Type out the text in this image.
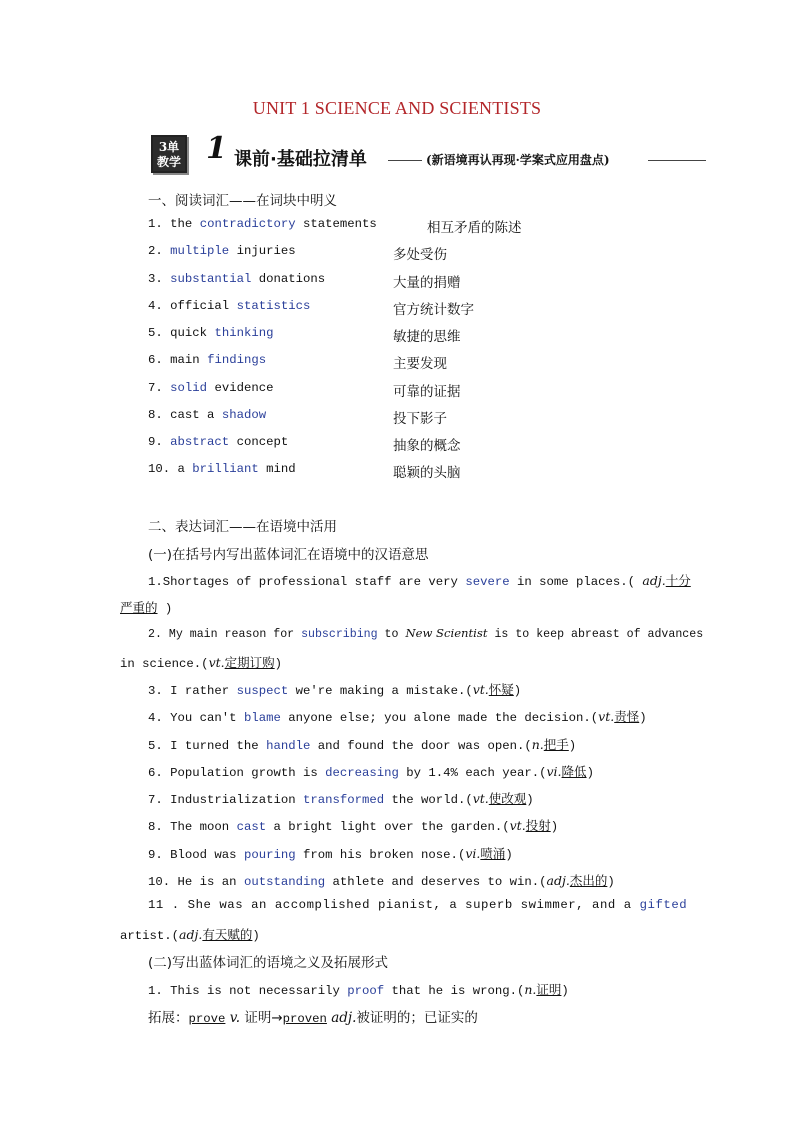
UNIT 1 SCIENCE AND SCIENTISTS
3单
教学 1 课前·基础拉清单	(新语境再认再现·学案式应用盘点)
一、阅读词汇——在词块中明义
1. the contradictory statements	相互矛盾的陈述
2. multiple injuries	多处受伤
3. substantial donations	大量的捐赠
4. official statistics	官方统计数字
5. quick thinking	敏捷的思维
6. main findings	主要发现
7. solid evidence	可靠的证据
8. cast a shadow	投下影子
9. abstract concept	抽象的概念
10. a brilliant mind	聪颖的头脑
二、表达词汇——在语境中活用
(一)在括号内写出蓝体词汇在语境中的汉语意思
1.Shortages of professional staff are very severe in some places.( adj.十分
严重的 )
2. My main reason for subscribing to New Scientist is to keep abreast of advances
in science.(vt.定期订购)
3. I rather suspect we're making a mistake.(vt.怀疑)
4. You can't blame anyone else; you alone made the decision.(vt.责怪)
5. I turned the handle and found the door was open.(n.把手)
6. Population growth is decreasing by 1.4% each year.(vi.降低)
7. Industrialization transformed the world.(vt.使改观)
8. The moon cast a bright light over the garden.(vt.投射)
9. Blood was pouring from his broken nose.(vi.喷涌)
10. He is an outstanding athlete and deserves to win.(adj.杰出的)
11 . She was an accomplished pianist, a superb swimmer, and a gifted
artist.(adj.有天赋的)
(二)写出蓝体词汇的语境之义及拓展形式
1. This is not necessarily proof that he is wrong.(n.证明)
拓展：prove v. 证明→proven adj.被证明的；已证实的
